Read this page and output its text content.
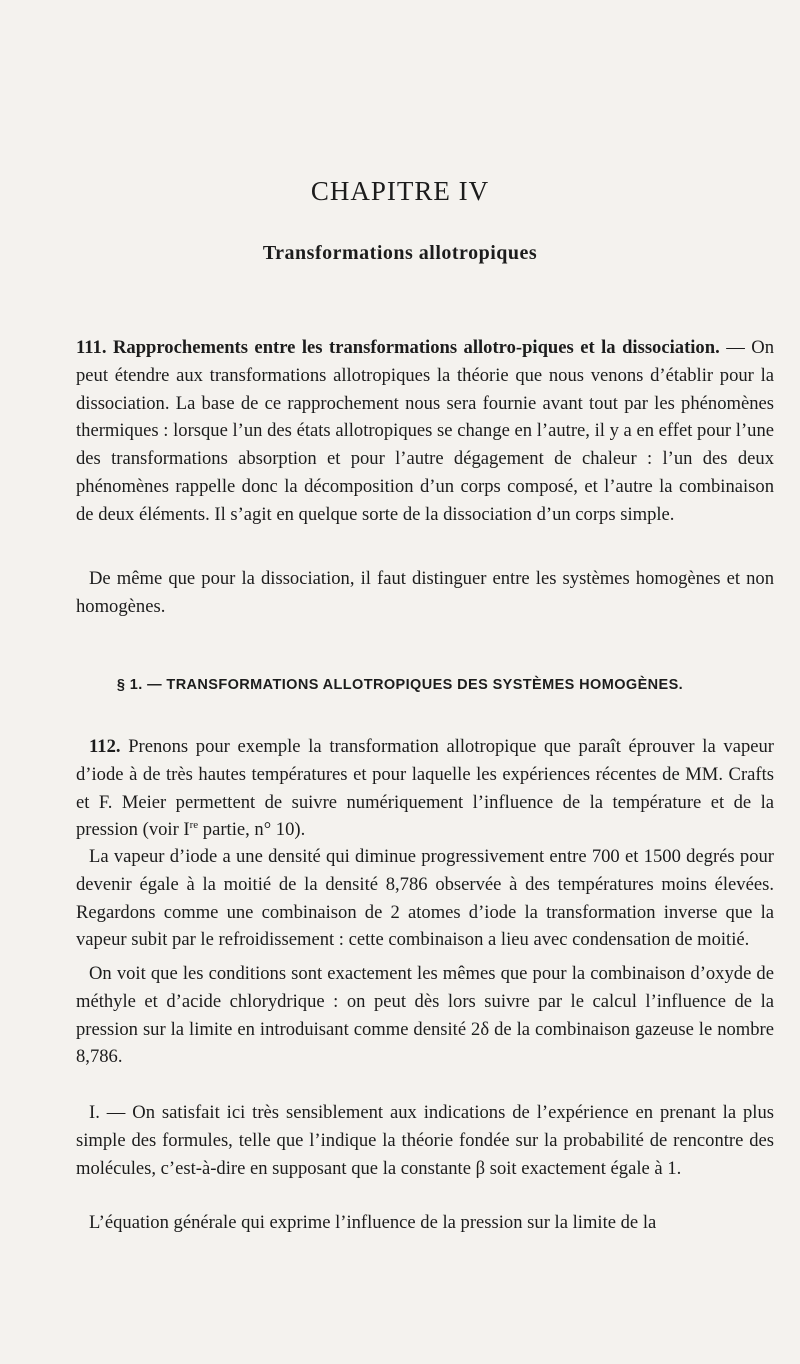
CHAPITRE IV
Transformations allotropiques

111. Rapprochements entre les transformations allotro-piques et la dissociation. — On peut étendre aux transformations allotropiques la théorie que nous venons d’établir pour la dissociation. La base de ce rapprochement nous sera fournie avant tout par les phénomènes thermiques : lorsque l’un des états allotropiques se change en l’autre, il y a en effet pour l’une des transformations absorption et pour l’autre dégagement de chaleur : l’un des deux phénomènes rappelle donc la décomposition d’un corps composé, et l’autre la combinaison de deux éléments. Il s’agit en quelque sorte de la dissociation d’un corps simple.

De même que pour la dissociation, il faut distinguer entre les systèmes homogènes et non homogènes.

§ 1. — TRANSFORMATIONS ALLOTROPIQUES DES SYSTÈMES HOMOGÈNES.

112. Prenons pour exemple la transformation allotropique que paraît éprouver la vapeur d’iode à de très hautes températures et pour laquelle les expériences récentes de MM. Crafts et F. Meier permettent de suivre numériquement l’influence de la température et de la pression (voir Ire partie, n° 10).

La vapeur d’iode a une densité qui diminue progressivement entre 700 et 1500 degrés pour devenir égale à la moitié de la densité 8,786 observée à des températures moins élevées. Regardons comme une combinaison de 2 atomes d’iode la transformation inverse que la vapeur subit par le refroidissement : cette combinaison a lieu avec condensation de moitié.

On voit que les conditions sont exactement les mêmes que pour la combinaison d’oxyde de méthyle et d’acide chlorydrique : on peut dès lors suivre par le calcul l’influence de la pression sur la limite en introduisant comme densité 2δ de la combinaison gazeuse le nombre 8,786.

I. — On satisfait ici très sensiblement aux indications de l’expérience en prenant la plus simple des formules, telle que l’indique la théorie fondée sur la probabilité de rencontre des molécules, c’est-à-dire en supposant que la constante β soit exactement égale à 1.

L’équation générale qui exprime l’influence de la pression sur la limite de la
